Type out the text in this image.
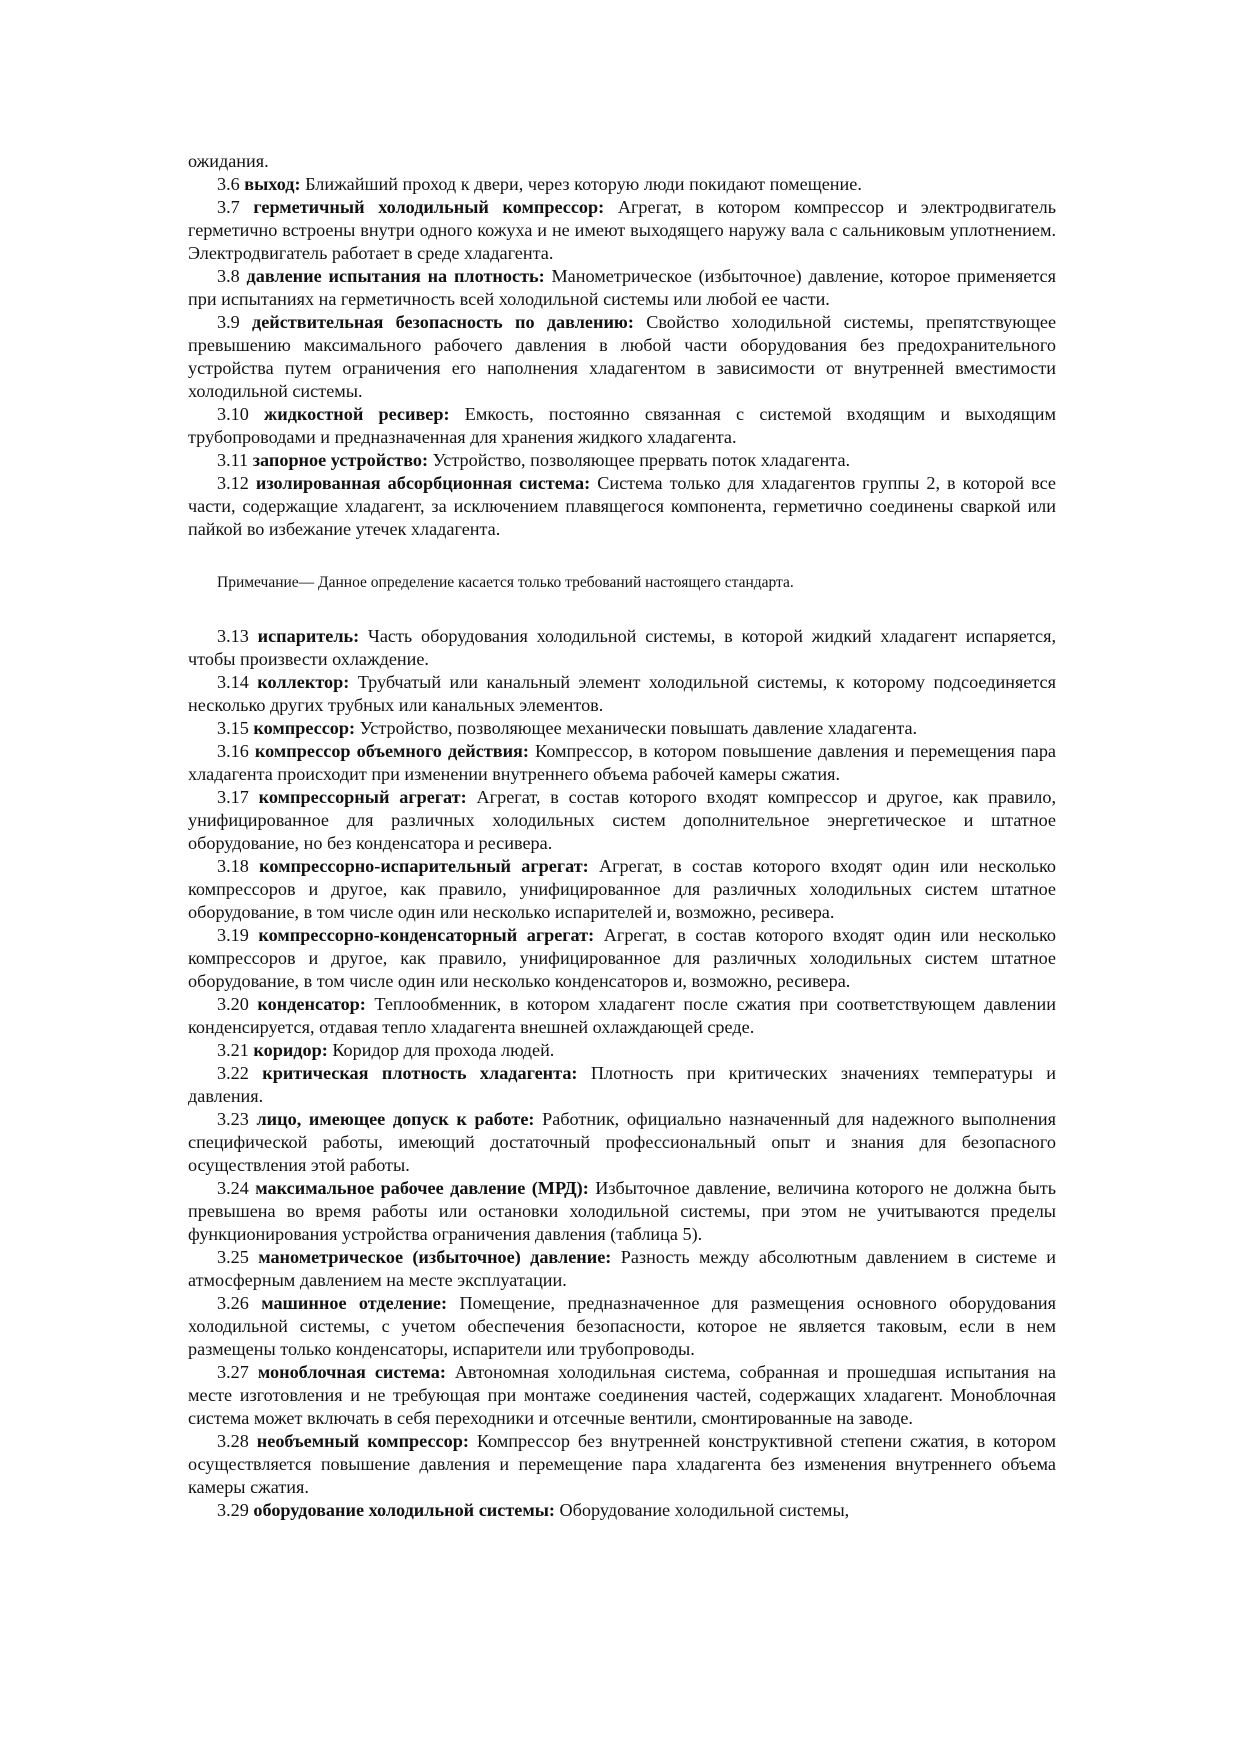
ожидания.

3.6 выход: Ближайший проход к двери, через которую люди покидают помещение.

3.7 герметичный холодильный компрессор: Агрегат, в котором компрессор и электродвигатель герметично встроены внутри одного кожуха и не имеют выходящего наружу вала с сальниковым уплотнением. Электродвигатель работает в среде хладагента.

3.8 давление испытания на плотность: Манометрическое (избыточное) давление, которое применяется при испытаниях на герметичность всей холодильной системы или любой ее части.

3.9 действительная безопасность по давлению: Свойство холодильной системы, препятствующее превышению максимального рабочего давления в любой части оборудования без предохранительного устройства путем ограничения его наполнения хладагентом в зависимости от внутренней вместимости холодильной системы.

3.10 жидкостной ресивер: Емкость, постоянно связанная с системой входящим и выходящим трубопроводами и предназначенная для хранения жидкого хладагента.

3.11 запорное устройство: Устройство, позволяющее прервать поток хладагента.

3.12 изолированная абсорбционная система: Система только для хладагентов группы 2, в которой все части, содержащие хладагент, за исключением плавящегося компонента, герметично соединены сваркой или пайкой во избежание утечек хладагента.

Примечание— Данное определение касается только требований настоящего стандарта.

3.13 испаритель: Часть оборудования холодильной системы, в которой жидкий хладагент испаряется, чтобы произвести охлаждение.

3.14 коллектор: Трубчатый или канальный элемент холодильной системы, к которому подсоединяется несколько других трубных или канальных элементов.

3.15 компрессор: Устройство, позволяющее механически повышать давление хладагента.

3.16 компрессор объемного действия: Компрессор, в котором повышение давления и перемещения пара хладагента происходит при изменении внутреннего объема рабочей камеры сжатия.

3.17 компрессорный агрегат: Агрегат, в состав которого входят компрессор и другое, как правило, унифицированное для различных холодильных систем дополнительное энергетическое и штатное оборудование, но без конденсатора и ресивера.

3.18 компрессорно-испарительный агрегат: Агрегат, в состав которого входят один или несколько компрессоров и другое, как правило, унифицированное для различных холодильных систем штатное оборудование, в том числе один или несколько испарителей и, возможно, ресивера.

3.19 компрессорно-конденсаторный агрегат: Агрегат, в состав которого входят один или несколько компрессоров и другое, как правило, унифицированное для различных холодильных систем штатное оборудование, в том числе один или несколько конденсаторов и, возможно, ресивера.

3.20 конденсатор: Теплообменник, в котором хладагент после сжатия при соответствующем давлении конденсируется, отдавая тепло хладагента внешней охлаждающей среде.

3.21 коридор: Коридор для прохода людей.

3.22 критическая плотность хладагента: Плотность при критических значениях температуры и давления.

3.23 лицо, имеющее допуск к работе: Работник, официально назначенный для надежного выполнения специфической работы, имеющий достаточный профессиональный опыт и знания для безопасного осуществления этой работы.

3.24 максимальное рабочее давление (МРД): Избыточное давление, величина которого не должна быть превышена во время работы или остановки холодильной системы, при этом не учитываются пределы функционирования устройства ограничения давления (таблица 5).

3.25 манометрическое (избыточное) давление: Разность между абсолютным давлением в системе и атмосферным давлением на месте эксплуатации.

3.26 машинное отделение: Помещение, предназначенное для размещения основного оборудования холодильной системы, с учетом обеспечения безопасности, которое не является таковым, если в нем размещены только конденсаторы, испарители или трубопроводы.

3.27 моноблочная система: Автономная холодильная система, собранная и прошедшая испытания на месте изготовления и не требующая при монтаже соединения частей, содержащих хладагент. Моноблочная система может включать в себя переходники и отсечные вентили, смонтированные на заводе.

3.28 необъемный компрессор: Компрессор без внутренней конструктивной степени сжатия, в котором осуществляется повышение давления и перемещение пара хладагента без изменения внутреннего объема камеры сжатия.

3.29 оборудование холодильной системы: Оборудование холодильной системы,
